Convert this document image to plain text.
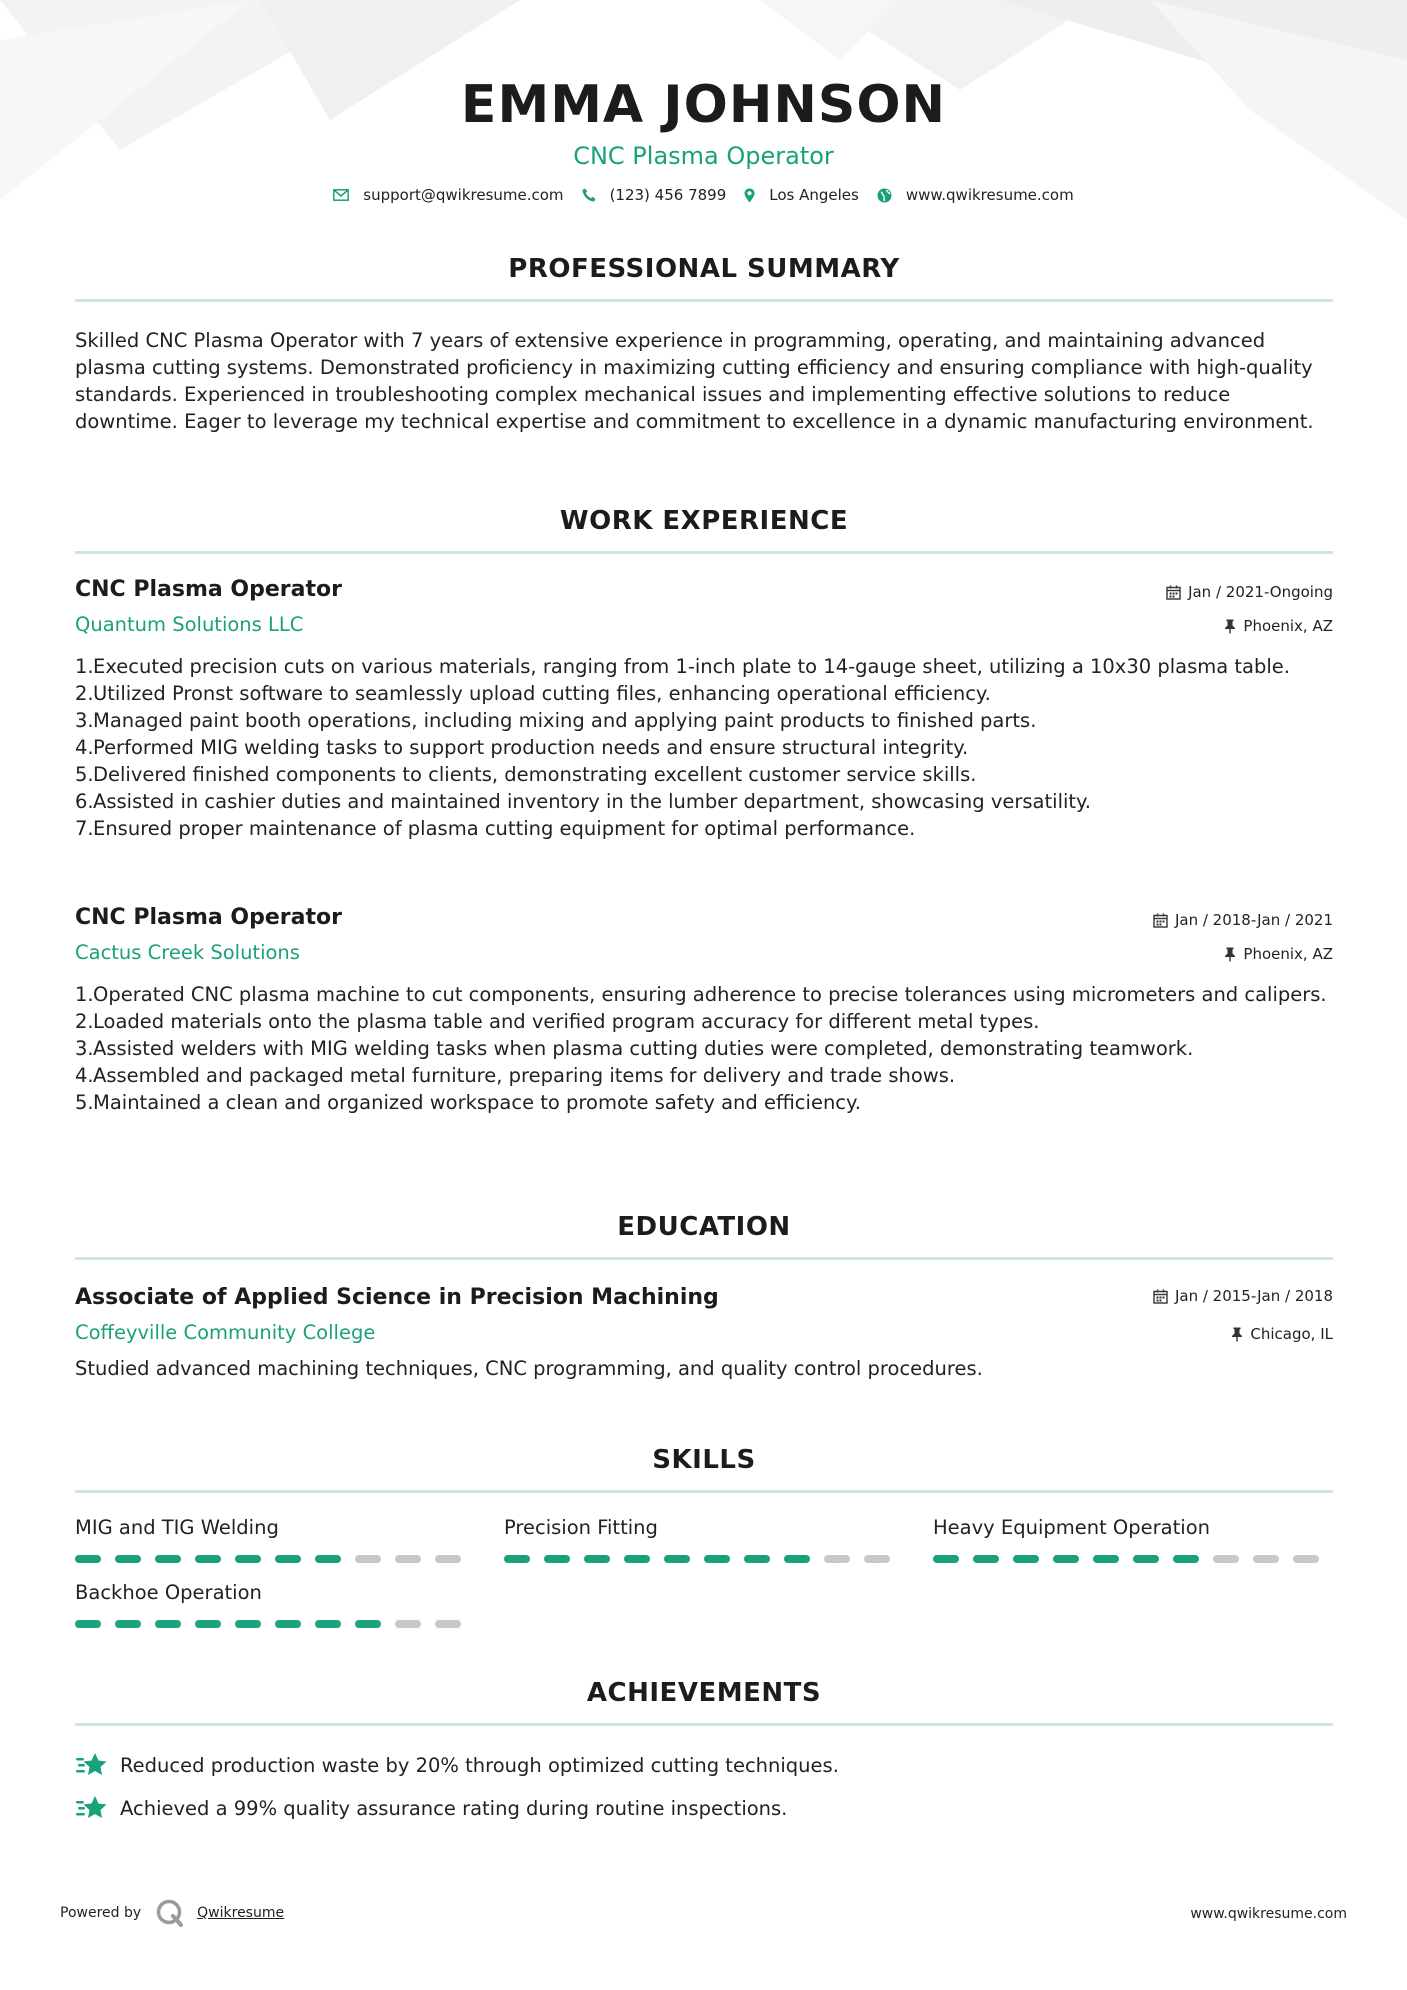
EMMA JOHNSON
CNC Plasma Operator
support@qwikresume.com	(123) 456 7899	Los Angeles	www.qwikresume.com
PROFESSIONAL SUMMARY
Skilled CNC Plasma Operator with 7 years of extensive experience in programming, operating, and maintaining advanced plasma cutting systems. Demonstrated proficiency in maximizing cutting efficiency and ensuring compliance with high-quality standards. Experienced in troubleshooting complex mechanical issues and implementing effective solutions to reduce downtime. Eager to leverage my technical expertise and commitment to excellence in a dynamic manufacturing environment.
WORK EXPERIENCE
CNC Plasma Operator	Jan / 2021-Ongoing
Quantum Solutions LLC	Phoenix, AZ
1. Executed precision cuts on various materials, ranging from 1-inch plate to 14-gauge sheet, utilizing a 10x30 plasma table.
2. Utilized Pronst software to seamlessly upload cutting files, enhancing operational efficiency.
3. Managed paint booth operations, including mixing and applying paint products to finished parts.
4. Performed MIG welding tasks to support production needs and ensure structural integrity.
5. Delivered finished components to clients, demonstrating excellent customer service skills.
6. Assisted in cashier duties and maintained inventory in the lumber department, showcasing versatility.
7. Ensured proper maintenance of plasma cutting equipment for optimal performance.
CNC Plasma Operator	Jan / 2018-Jan / 2021
Cactus Creek Solutions	Phoenix, AZ
1. Operated CNC plasma machine to cut components, ensuring adherence to precise tolerances using micrometers and calipers.
2. Loaded materials onto the plasma table and verified program accuracy for different metal types.
3. Assisted welders with MIG welding tasks when plasma cutting duties were completed, demonstrating teamwork.
4. Assembled and packaged metal furniture, preparing items for delivery and trade shows.
5. Maintained a clean and organized workspace to promote safety and efficiency.
EDUCATION
Associate of Applied Science in Precision Machining	Jan / 2015-Jan / 2018
Coffeyville Community College	Chicago, IL
Studied advanced machining techniques, CNC programming, and quality control procedures.
SKILLS
MIG and TIG Welding	Precision Fitting	Heavy Equipment Operation
Backhoe Operation
ACHIEVEMENTS
Reduced production waste by 20% through optimized cutting techniques.
Achieved a 99% quality assurance rating during routine inspections.
Powered by	Qwikresume	www.qwikresume.com
